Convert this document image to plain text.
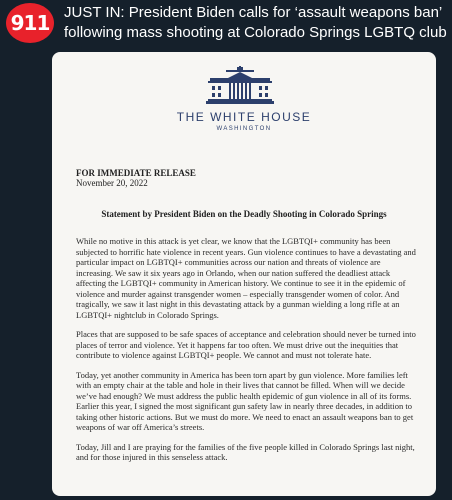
911 JUST IN: President Biden calls for ‘assault weapons ban’ following mass shooting at Colorado Springs LGBTQ club
THE WHITE HOUSE
WASHINGTON
FOR IMMEDIATE RELEASE
November 20, 2022
Statement by President Biden on the Deadly Shooting in Colorado Springs

While no motive in this attack is yet clear, we know that the LGBTQI+ community has been subjected to horrific hate violence in recent years. Gun violence continues to have a devastating and particular impact on LGBTQI+ communities across our nation and threats of violence are increasing. We saw it six years ago in Orlando, when our nation suffered the deadliest attack affecting the LGBTQI+ community in American history. We continue to see it in the epidemic of violence and murder against transgender women – especially transgender women of color. And tragically, we saw it last night in this devastating attack by a gunman wielding a long rifle at an LGBTQI+ nightclub in Colorado Springs.

Places that are supposed to be safe spaces of acceptance and celebration should never be turned into places of terror and violence. Yet it happens far too often. We must drive out the inequities that contribute to violence against LGBTQI+ people. We cannot and must not tolerate hate.

Today, yet another community in America has been torn apart by gun violence. More families left with an empty chair at the table and hole in their lives that cannot be filled. When will we decide we’ve had enough? We must address the public health epidemic of gun violence in all of its forms. Earlier this year, I signed the most significant gun safety law in nearly three decades, in addition to taking other historic actions. But we must do more. We need to enact an assault weapons ban to get weapons of war off America’s streets.

Today, Jill and I are praying for the families of the five people killed in Colorado Springs last night, and for those injured in this senseless attack.
